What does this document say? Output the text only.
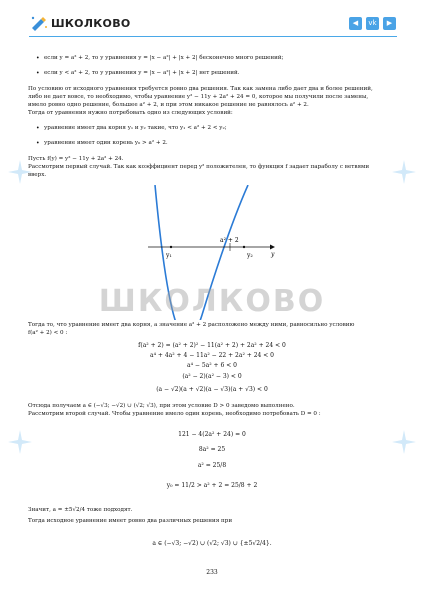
ШКОЛКОВО	◀	vk	▶
• если y = a² + 2, то у уравнения y = |x − a²| + |x + 2| бесконечно много решений;
• если y < a² + 2, то у уравнения y = |x − a²| + |x + 2| нет решений.
По условию от исходного уравнения требуется ровно два решения. Так как замена либо дает два и более решений,
либо не дает вовсе, то необходимо, чтобы уравнение y² − 11y + 2a² + 24 = 0, которое мы получили после замены,
имело ровно одно решение, большее a² + 2, и при этом никакое решение не равнялось a² + 2.
Тогда от уравнения нужно потребовать одно из следующих условий:
• уравнение имеет два корня y₁ и y₂ такие, что y₁ < a² + 2 < y₂;
• уравнение имеет один корень y₀ > a² + 2.
Пусть f(y) = y² − 11y + 2a² + 24.
Рассмотрим первый случай. Так как коэффициент перед y² положителен, то функция f задает параболу с ветвями
вверх.
y₁	y₂
a² + 2
y
ШКОЛКОВО
Тогда то, что уравнение имеет два корня, а значение a² + 2 расположено между ними, равносильно условию
f(a² + 2) < 0 :
f(a² + 2) = (a² + 2)² − 11(a² + 2) + 2a² + 24 < 0
a⁴ + 4a² + 4 − 11a² − 22 + 2a² + 24 < 0
a⁴ − 5a² + 6 < 0
(a² − 2)(a² − 3) < 0
(a − √2)(a + √2)(a − √3)(a + √3) < 0
Отсюда получаем a ∈ (−√3; −√2) ∪ (√2; √3), при этом условие D > 0 заведомо выполнено.
Рассмотрим второй случай. Чтобы уравнение имело один корень, необходимо потребовать D = 0 :
121 − 4(2a² + 24) = 0
8a² = 25
a² = 25/8
y₀ = 11/2 > a² + 2 = 25/8 + 2
Значит, a = ±5√2/4 тоже подходят.
Тогда исходное уравнение имеет ровно два различных решения при
a ∈ (−√3; −√2) ∪ (√2; √3) ∪ {±5√2/4}.
233
